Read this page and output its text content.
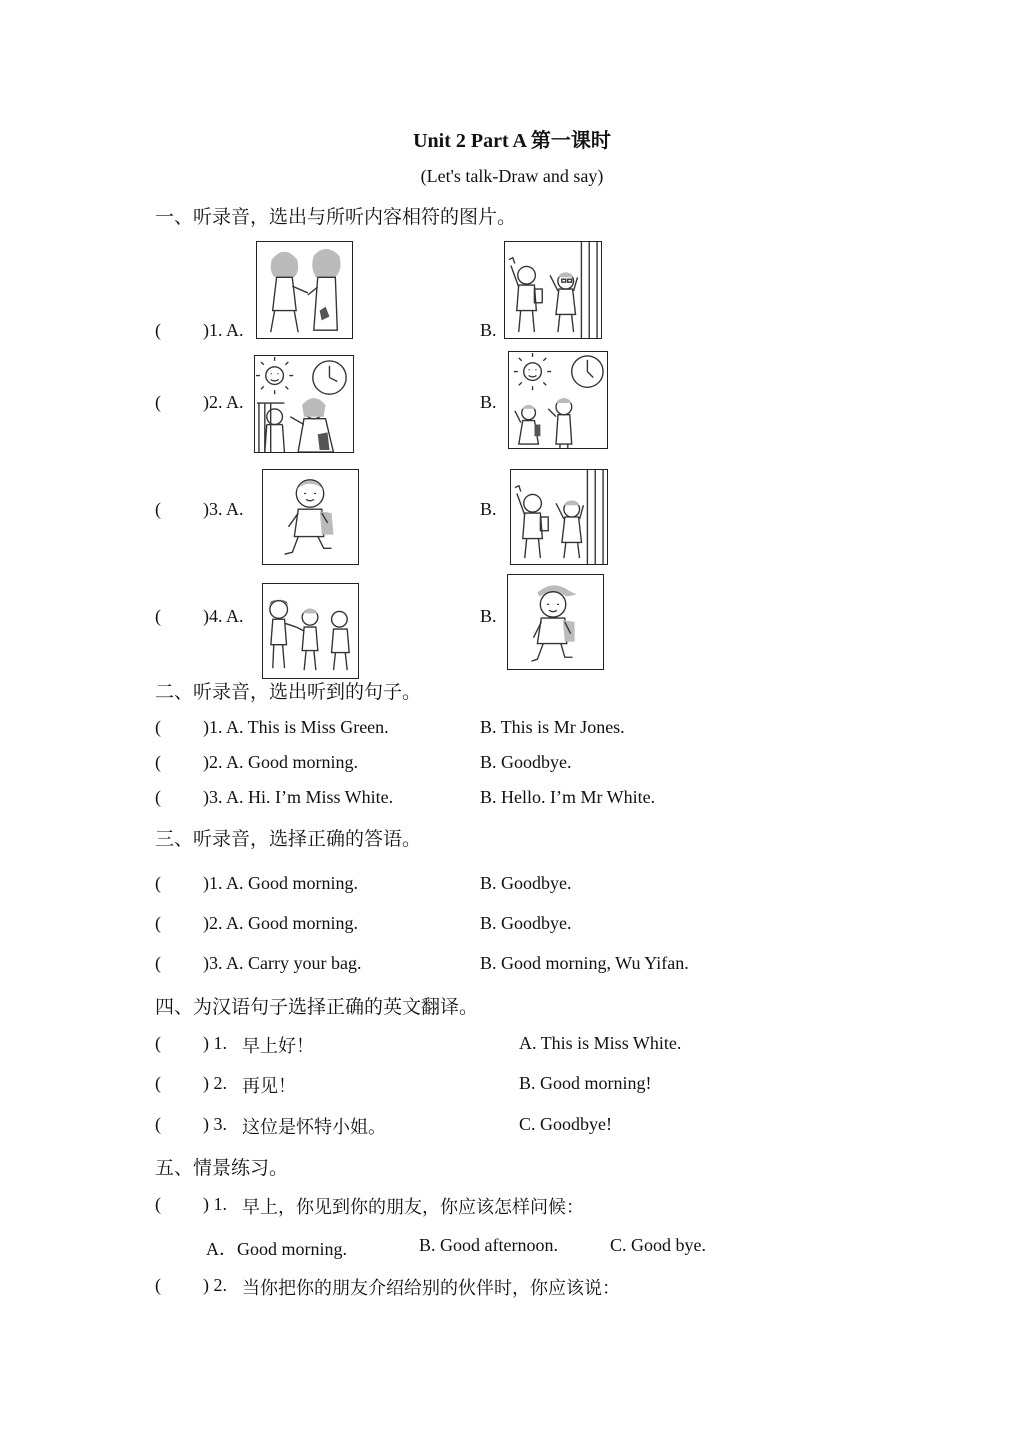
Unit 2 Part A 第一课时
(Let's talk-Draw and say)
一、听录音，选出与所听内容相符的图片。
( )1. A.	B.
( )2. A.	B.
( )3. A.	B.
( )4. A.	B.
二、听录音，选出听到的句子。
( )1. A. This is Miss Green.	B. This is Mr Jones.
( )2. A. Good morning.	B. Goodbye.
( )3. A. Hi. I’m Miss White.	B. Hello. I’m Mr White.
三、听录音，选择正确的答语。
( )1. A. Good morning.	B. Goodbye.
( )2. A. Good morning.	B. Goodbye.
( )3. A. Carry your bag.	B. Good morning, Wu Yifan.
四、为汉语句子选择正确的英文翻译。
( ) 1. 早上好！	A. This is Miss White.
( ) 2. 再见！	B. Good morning!
( ) 3. 这位是怀特小姐。	C. Goodbye!
五、情景练习。
( ) 1. 早上，你见到你的朋友，你应该怎样问候：
A．Good morning.	B. Good afternoon.	C. Good bye.
( ) 2. 当你把你的朋友介绍给别的伙伴时，你应该说：
